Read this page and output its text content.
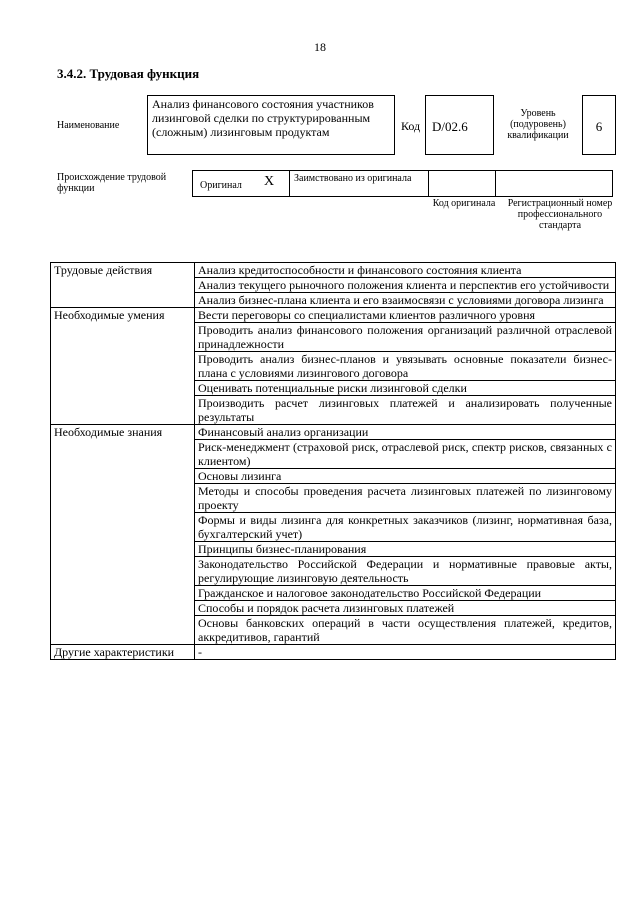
18
3.4.2. Трудовая функция
Наименование
Анализ финансового состояния участников лизинговой сделки по структурированным (сложным) лизинговым продуктам	Код D/02.6
Уровень (подуровень) квалификации
6
Происхождение трудовой функции	Оригинал X	Заимствовано из оригинала
Код оригинала Регистрационный номер профессионального стандарта
Трудовые действия	Анализ кредитоспособности и финансового состояния клиента
	Анализ текущего рыночного положения клиента и перспектив его устойчивости
	Анализ бизнес-плана клиента и его взаимосвязи с условиями договора лизинга
Необходимые умения	Вести переговоры со специалистами клиентов различного уровня
	Проводить анализ финансового положения организаций различной отраслевой принадлежности
	Проводить анализ бизнес-планов и увязывать основные показатели бизнес-плана с условиями лизингового договора
	Оценивать потенциальные риски лизинговой сделки
	Производить расчет лизинговых платежей и анализировать полученные результаты
Необходимые знания	Финансовый анализ организации
	Риск-менеджмент (страховой риск, отраслевой риск, спектр рисков, связанных с клиентом)
	Основы лизинга
	Методы и способы проведения расчета лизинговых платежей по лизинговому проекту
	Формы и виды лизинга для конкретных заказчиков (лизинг, нормативная база, бухгалтерский учет)
	Принципы бизнес-планирования
	Законодательство Российской Федерации и нормативные правовые акты, регулирующие лизинговую деятельность
	Гражданское и налоговое законодательство Российской Федерации
	Способы и порядок расчета лизинговых платежей
	Основы банковских операций в части осуществления платежей, кредитов, аккредитивов, гарантий
Другие характеристики	-
